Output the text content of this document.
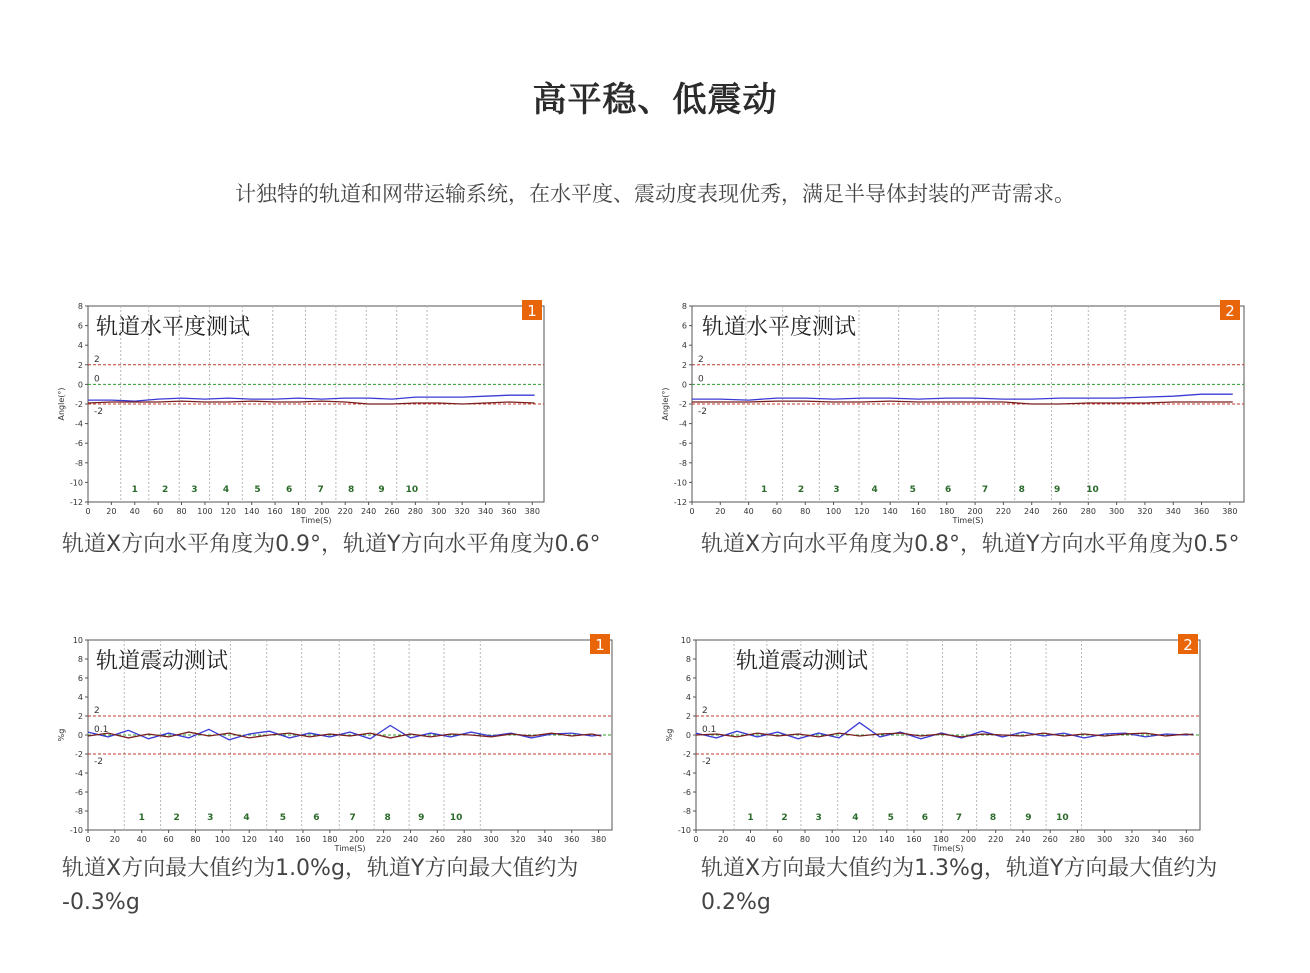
高平稳、低震动
计独特的轨道和网带运输系统，在水平度、震动度表现优秀，满足半导体封装的严苛需求。
2
0
-2
8
6
4
2
0
-2
-4
-6
-8
-10
-12
0 20 40 60 80 100 120 140 160 180 200 220 240 260 280 300 320 340 360 380
Time(S)
Angle(°)
1	2	3	4	5	6	7	8	9 10
轨道水平度测试
1
轨道X方向水平角度为0.9°，轨道Y方向水平角度为0.6°
2
0
-2
8
6
4
2
0
-2
-4
-6
-8
-10
-12
0	20 40 60 80 100 120 140 160 180 200 220 240 260 280 300 320 340 360 380
Time(S)
Angle(°)
1	2	3	4	5	6	7	8	9	10
轨道水平度测试
2
轨道X方向水平角度为0.8°，轨道Y方向水平角度为0.5°
2
0.1
-2
10
8
6
4
2
0
-2
-4
-6
-8
-10
0 20 40 60 80 100 120 140 160 180 200 220 240 260 280 300 320 340 360 380
Time(S)
%g
1	2	3	4	5	6	7	8	9	10
轨道震动测试
1
轨道X方向最大值约为1.0%g，轨道Y方向最大值约为
-0.3%g
2
0.1
-2
10
8
6
4
2
0
-2
-4
-6
-8
-10
0 20 40 60 80 100 120 140 160 180 200 220 240 260 280 300 320 340 360
Time(S)
%g
1	2	3	4	5	6	7	8	9	10
轨道震动测试
2
轨道X方向最大值约为1.3%g，轨道Y方向最大值约为
0.2%g
